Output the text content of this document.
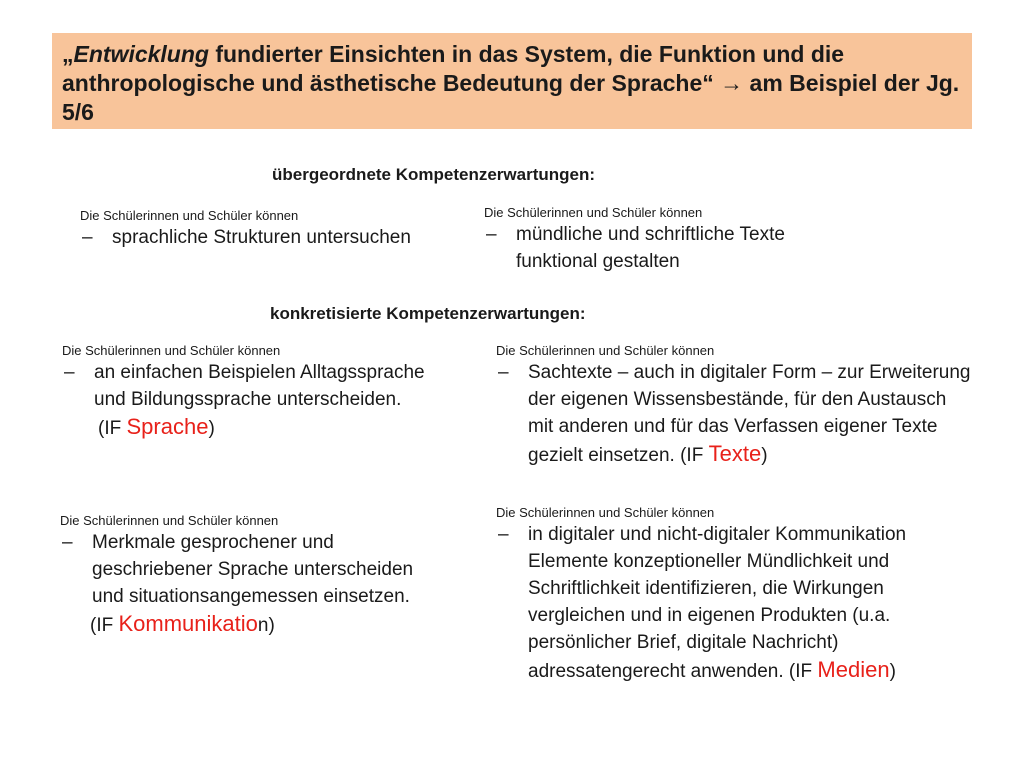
„Entwicklung fundierter Einsichten in das System, die Funktion und die anthropologische und ästhetische Bedeutung der Sprache“ → am Beispiel der Jg. 5/6

übergeordnete Kompetenzerwartungen:

Die Schülerinnen und Schüler können

–	sprachliche Strukturen untersuchen

Die Schülerinnen und Schüler können

–	mündliche und schriftliche Texte funktional gestalten

konkretisierte Kompetenzerwartungen:

Die Schülerinnen und Schüler können

–	an einfachen Beispielen Alltagssprache und Bildungssprache unterscheiden.

(IF Sprache)

Die Schülerinnen und Schüler können

–	Sachtexte – auch in digitaler Form – zur Erweiterung der eigenen Wissensbestände, für den Austausch mit anderen und für das Verfassen eigener Texte gezielt einsetzen. (IF Texte)

Die Schülerinnen und Schüler können

–	Merkmale gesprochener und geschriebener Sprache unterscheiden und situationsangemessen einsetzen.

(IF Kommunikation)

Die Schülerinnen und Schüler können

–	in digitaler und nicht-digitaler Kommunikation Elemente konzeptioneller Mündlichkeit und Schriftlichkeit identifizieren, die Wirkungen vergleichen und in eigenen Produkten (u.a. persönlicher Brief, digitale Nachricht) adressatengerecht anwenden. (IF Medien)
